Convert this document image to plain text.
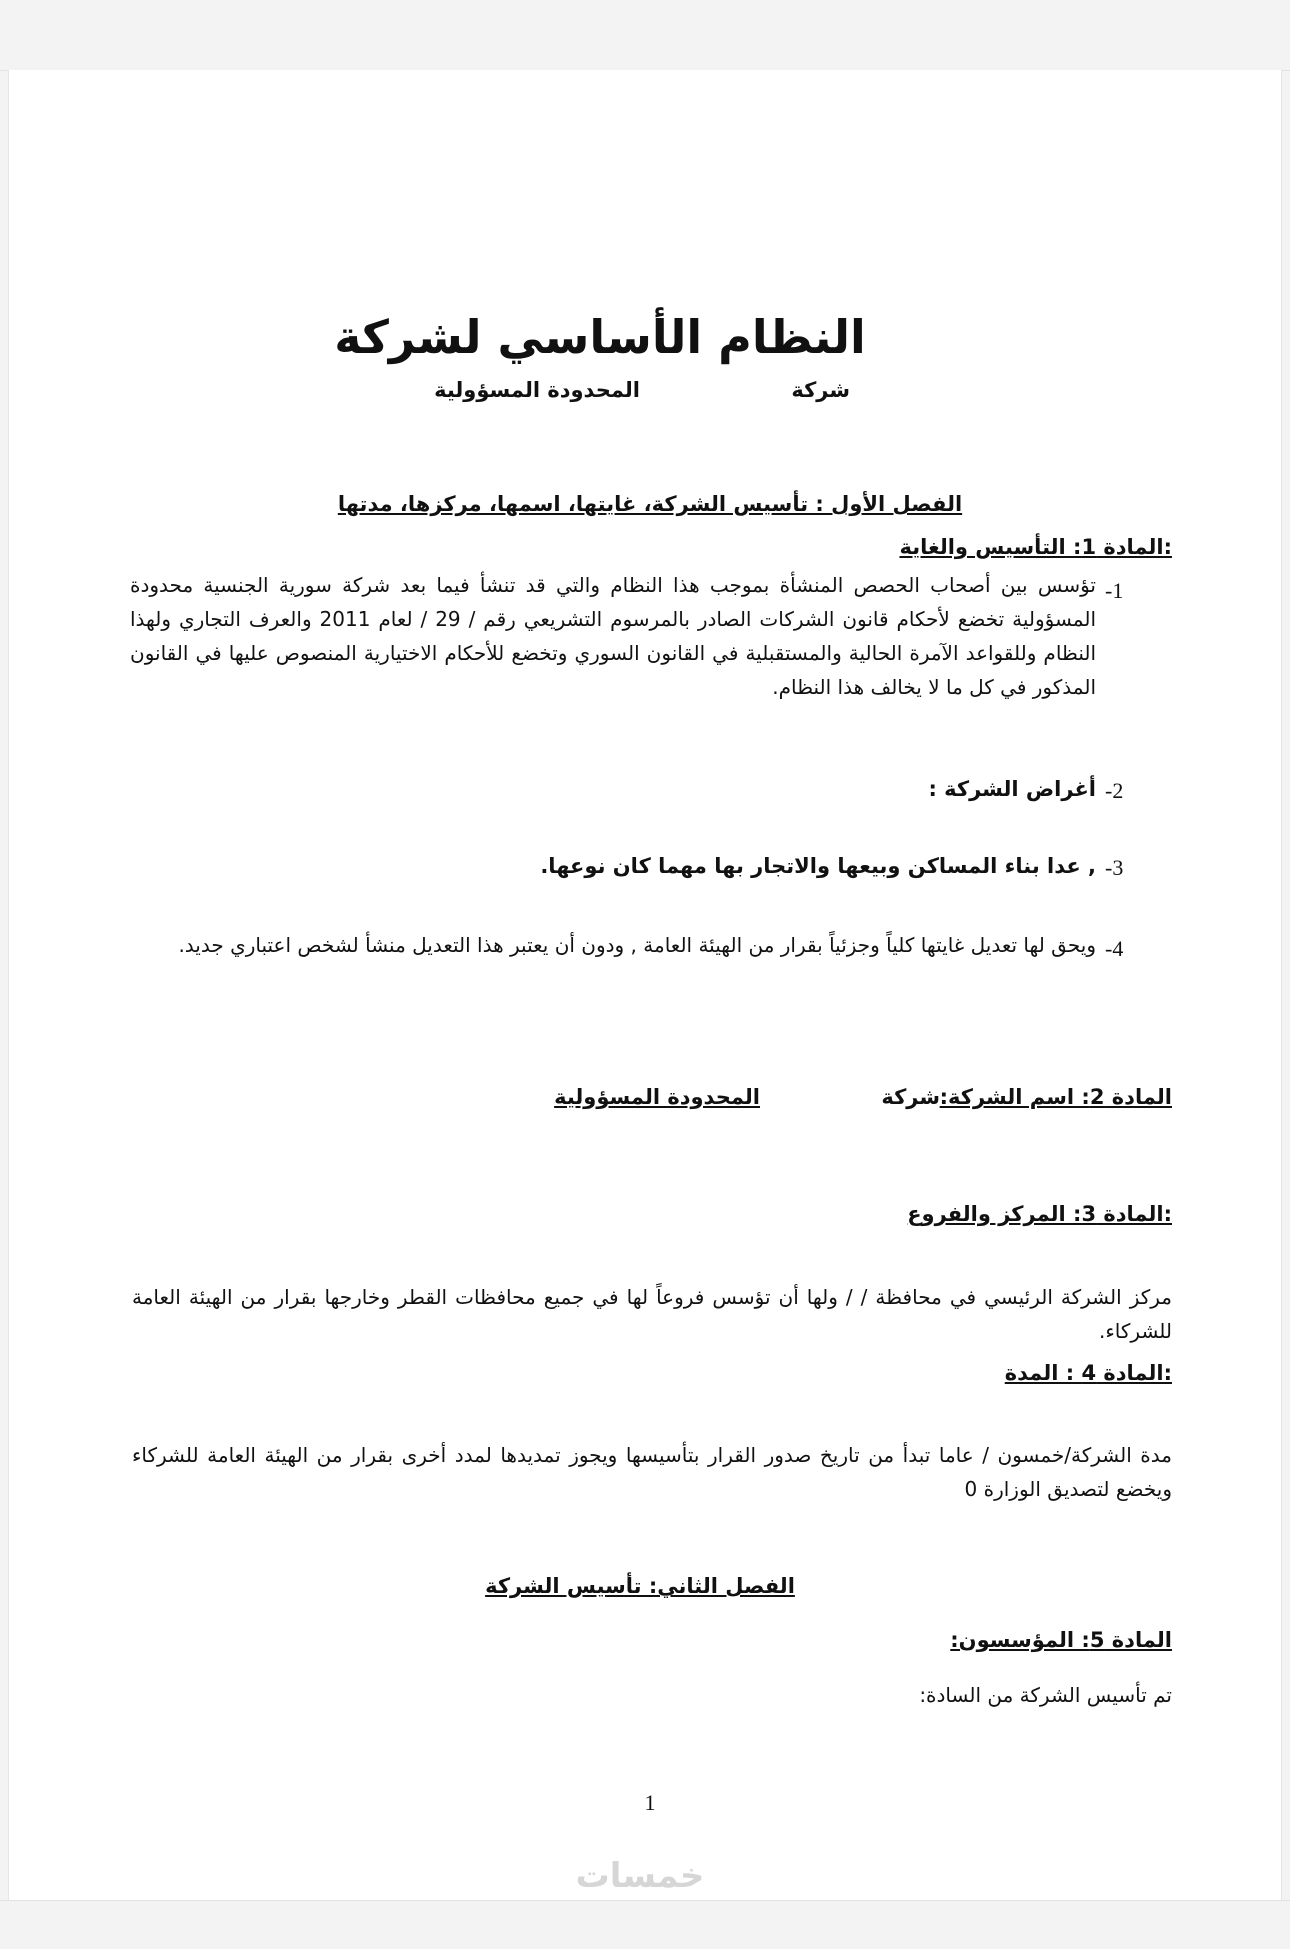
النظام الأساسي لشركة
شركة
المحدودة المسؤولية
الفصل الأول : تأسيس الشركة، غايتها، اسمها، مركزها، مدتها
:المادة 1: التأسيس والغاية
-1
تؤسس بين أصحاب الحصص المنشأة بموجب هذا النظام والتي قد تنشأ فيما بعد شركة سورية الجنسية محدودة المسؤولية تخضع لأحكام قانون الشركات الصادر بالمرسوم التشريعي رقم / 29 / لعام 2011 والعرف التجاري ولهذا النظام وللقواعد الآمرة الحالية والمستقبلية في القانون السوري وتخضع للأحكام الاختيارية المنصوص عليها في القانون المذكور في كل ما لا يخالف هذا النظام.
-2
أغراض الشركة :
-3
, عدا بناء المساكن وبيعها والاتجار بها مهما كان نوعها.
-4
ويحق لها تعديل غايتها كلياً وجزئياً بقرار من الهيئة العامة , ودون أن يعتبر هذا التعديل منشأ لشخص اعتباري جديد.
المادة 2: اسم الشركة:
شركة
المحدودة المسؤولية
:المادة 3: المركز والفروع
مركز الشركة الرئيسي في محافظة / / ولها أن تؤسس فروعاً لها في جميع محافظات القطر وخارجها بقرار من الهيئة العامة للشركاء.
:المادة 4 : المدة
مدة الشركة/خمسون / عاما تبدأ من تاريخ صدور القرار بتأسيسها ويجوز تمديدها لمدد أخرى بقرار من الهيئة العامة للشركاء ويخضع لتصديق الوزارة 0
الفصل الثاني: تأسيس الشركة
المادة 5: المؤسسون:
تم تأسيس الشركة من السادة:
1
خمسات
